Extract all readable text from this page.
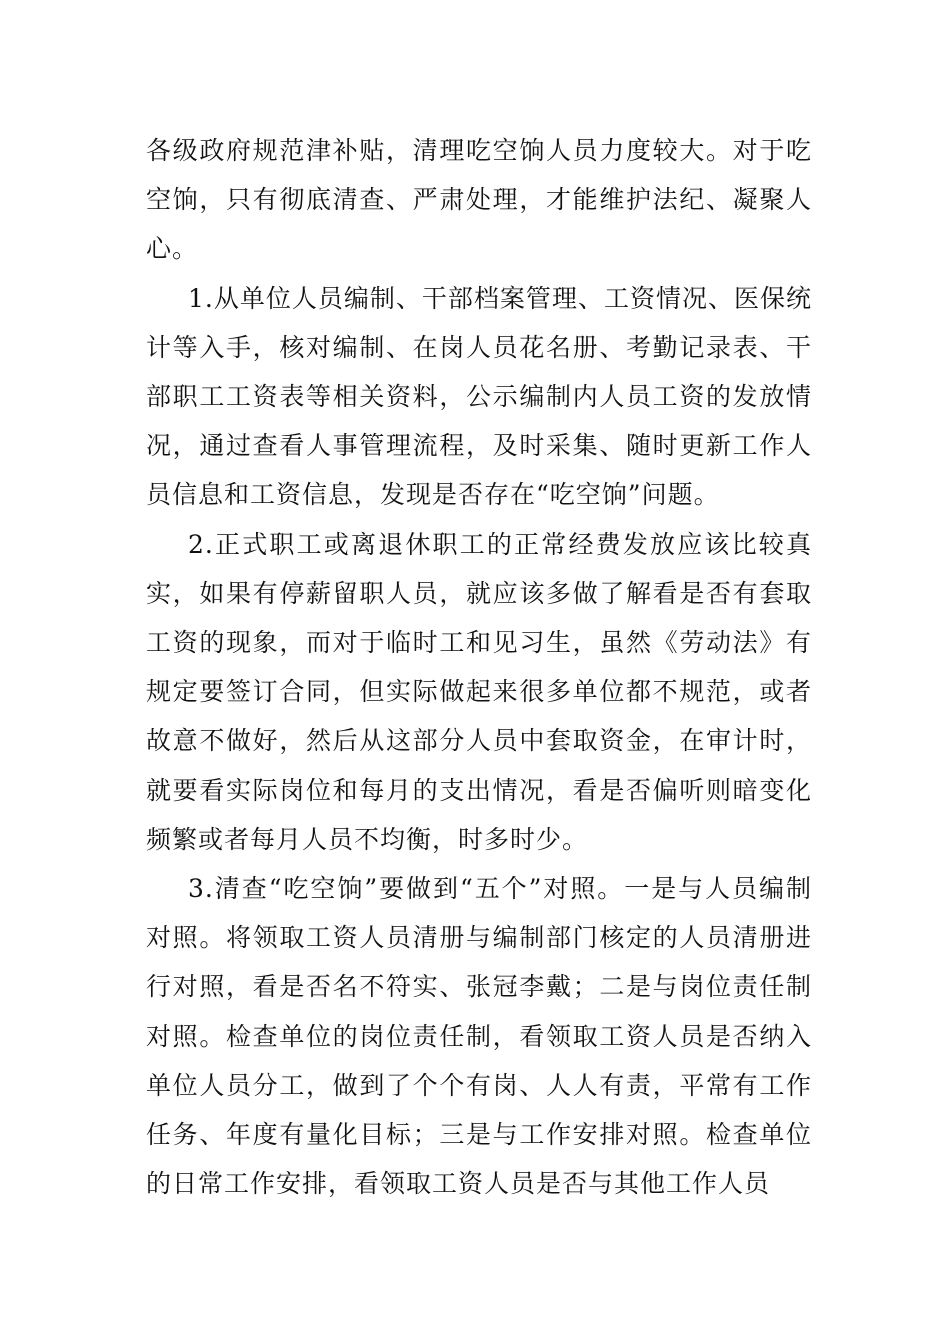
各级政府规范津补贴，清理吃空饷人员力度较大。对于吃空饷，只有彻底清查、严肃处理，才能维护法纪、凝聚人心。

1.从单位人员编制、干部档案管理、工资情况、医保统计等入手，核对编制、在岗人员花名册、考勤记录表、干部职工工资表等相关资料，公示编制内人员工资的发放情况，通过查看人事管理流程，及时采集、随时更新工作人员信息和工资信息，发现是否存在“吃空饷”问题。

2.正式职工或离退休职工的正常经费发放应该比较真实，如果有停薪留职人员，就应该多做了解看是否有套取工资的现象，而对于临时工和见习生，虽然《劳动法》有规定要签订合同，但实际做起来很多单位都不规范，或者故意不做好，然后从这部分人员中套取资金，在审计时，就要看实际岗位和每月的支出情况，看是否偏听则暗变化频繁或者每月人员不均衡，时多时少。

3.清查“吃空饷”要做到“五个”对照。一是与人员编制对照。将领取工资人员清册与编制部门核定的人员清册进行对照，看是否名不符实、张冠李戴；二是与岗位责任制对照。检查单位的岗位责任制，看领取工资人员是否纳入单位人员分工，做到了个个有岗、人人有责，平常有工作任务、年度有量化目标；三是与工作安排对照。检查单位的日常工作安排，看领取工资人员是否与其他工作人员
